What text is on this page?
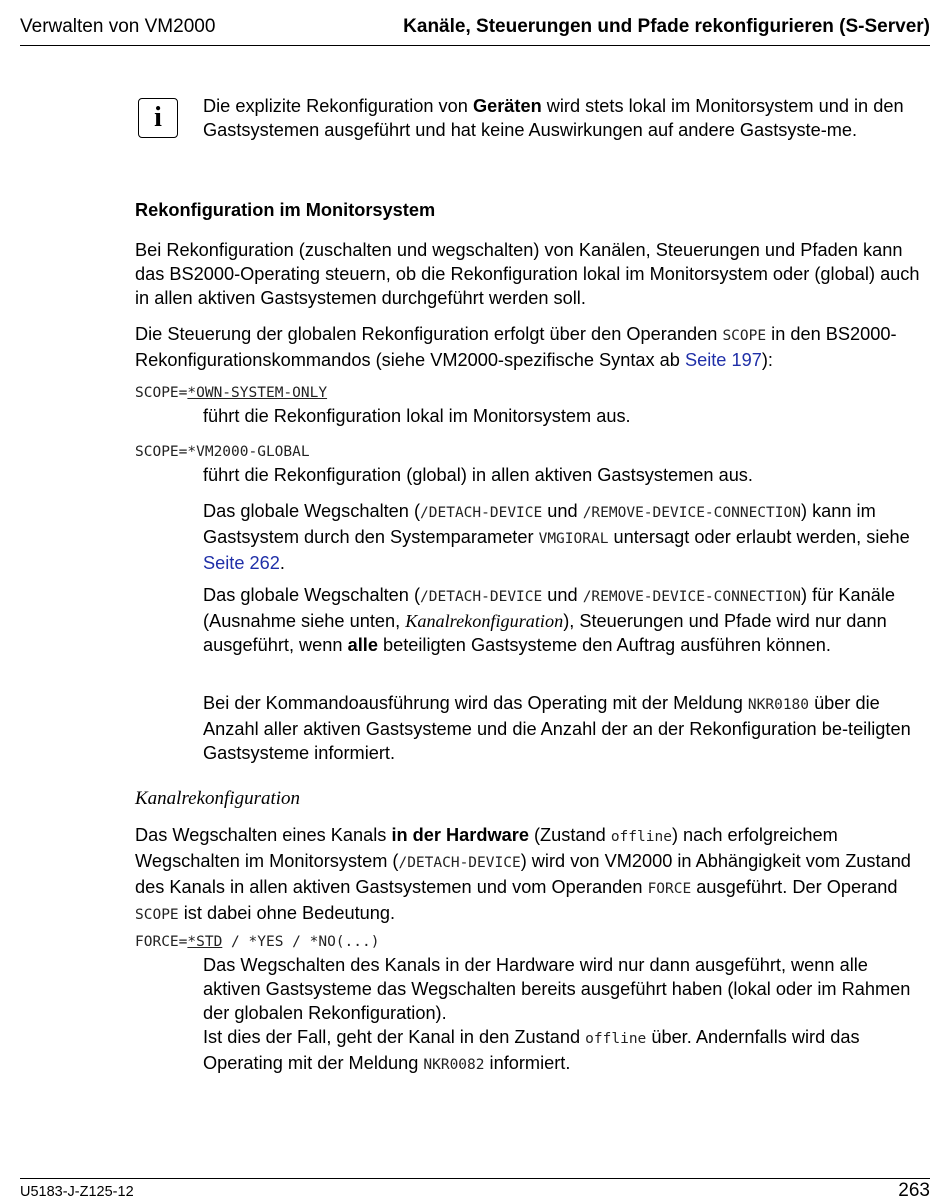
Verwalten von VM2000	Kanäle, Steuerungen und Pfade rekonfigurieren (S-Server)
i Die explizite Rekonfiguration von Geräten wird stets lokal im Monitorsystem und in den Gastsystemen ausgeführt und hat keine Auswirkungen auf andere Gastsyste-me.
Rekonfiguration im Monitorsystem
Bei Rekonfiguration (zuschalten und wegschalten) von Kanälen, Steuerungen und Pfaden kann das BS2000-Operating steuern, ob die Rekonfiguration lokal im Monitorsystem oder (global) auch in allen aktiven Gastsystemen durchgeführt werden soll.
Die Steuerung der globalen Rekonfiguration erfolgt über den Operanden SCOPE in den BS2000-Rekonfigurationskommandos (siehe VM2000-spezifische Syntax ab Seite 197):
SCOPE=*OWN-SYSTEM-ONLY
führt die Rekonfiguration lokal im Monitorsystem aus.
SCOPE=*VM2000-GLOBAL
führt die Rekonfiguration (global) in allen aktiven Gastsystemen aus.
Das globale Wegschalten (/DETACH-DEVICE und /REMOVE-DEVICE-CONNECTION) kann im Gastsystem durch den Systemparameter VMGIORAL untersagt oder erlaubt werden, siehe Seite 262.
Das globale Wegschalten (/DETACH-DEVICE und /REMOVE-DEVICE-CONNECTION) für Kanäle (Ausnahme siehe unten, Kanalrekonfiguration), Steuerungen und Pfade wird nur dann ausgeführt, wenn alle beteiligten Gastsysteme den Auftrag ausführen können.
Bei der Kommandoausführung wird das Operating mit der Meldung NKR0180 über die Anzahl aller aktiven Gastsysteme und die Anzahl der an der Rekonfiguration be-teiligten Gastsysteme informiert.
Kanalrekonfiguration
Das Wegschalten eines Kanals in der Hardware (Zustand offline) nach erfolgreichem Wegschalten im Monitorsystem (/DETACH-DEVICE) wird von VM2000 in Abhängigkeit vom Zustand des Kanals in allen aktiven Gastsystemen und vom Operanden FORCE ausgeführt. Der Operand SCOPE ist dabei ohne Bedeutung.
FORCE=*STD / *YES / *NO(...)
Das Wegschalten des Kanals in der Hardware wird nur dann ausgeführt, wenn alle aktiven Gastsysteme das Wegschalten bereits ausgeführt haben (lokal oder im Rahmen der globalen Rekonfiguration).
Ist dies der Fall, geht der Kanal in den Zustand offline über. Andernfalls wird das Operating mit der Meldung NKR0082 informiert.
U5183-J-Z125-12	263
